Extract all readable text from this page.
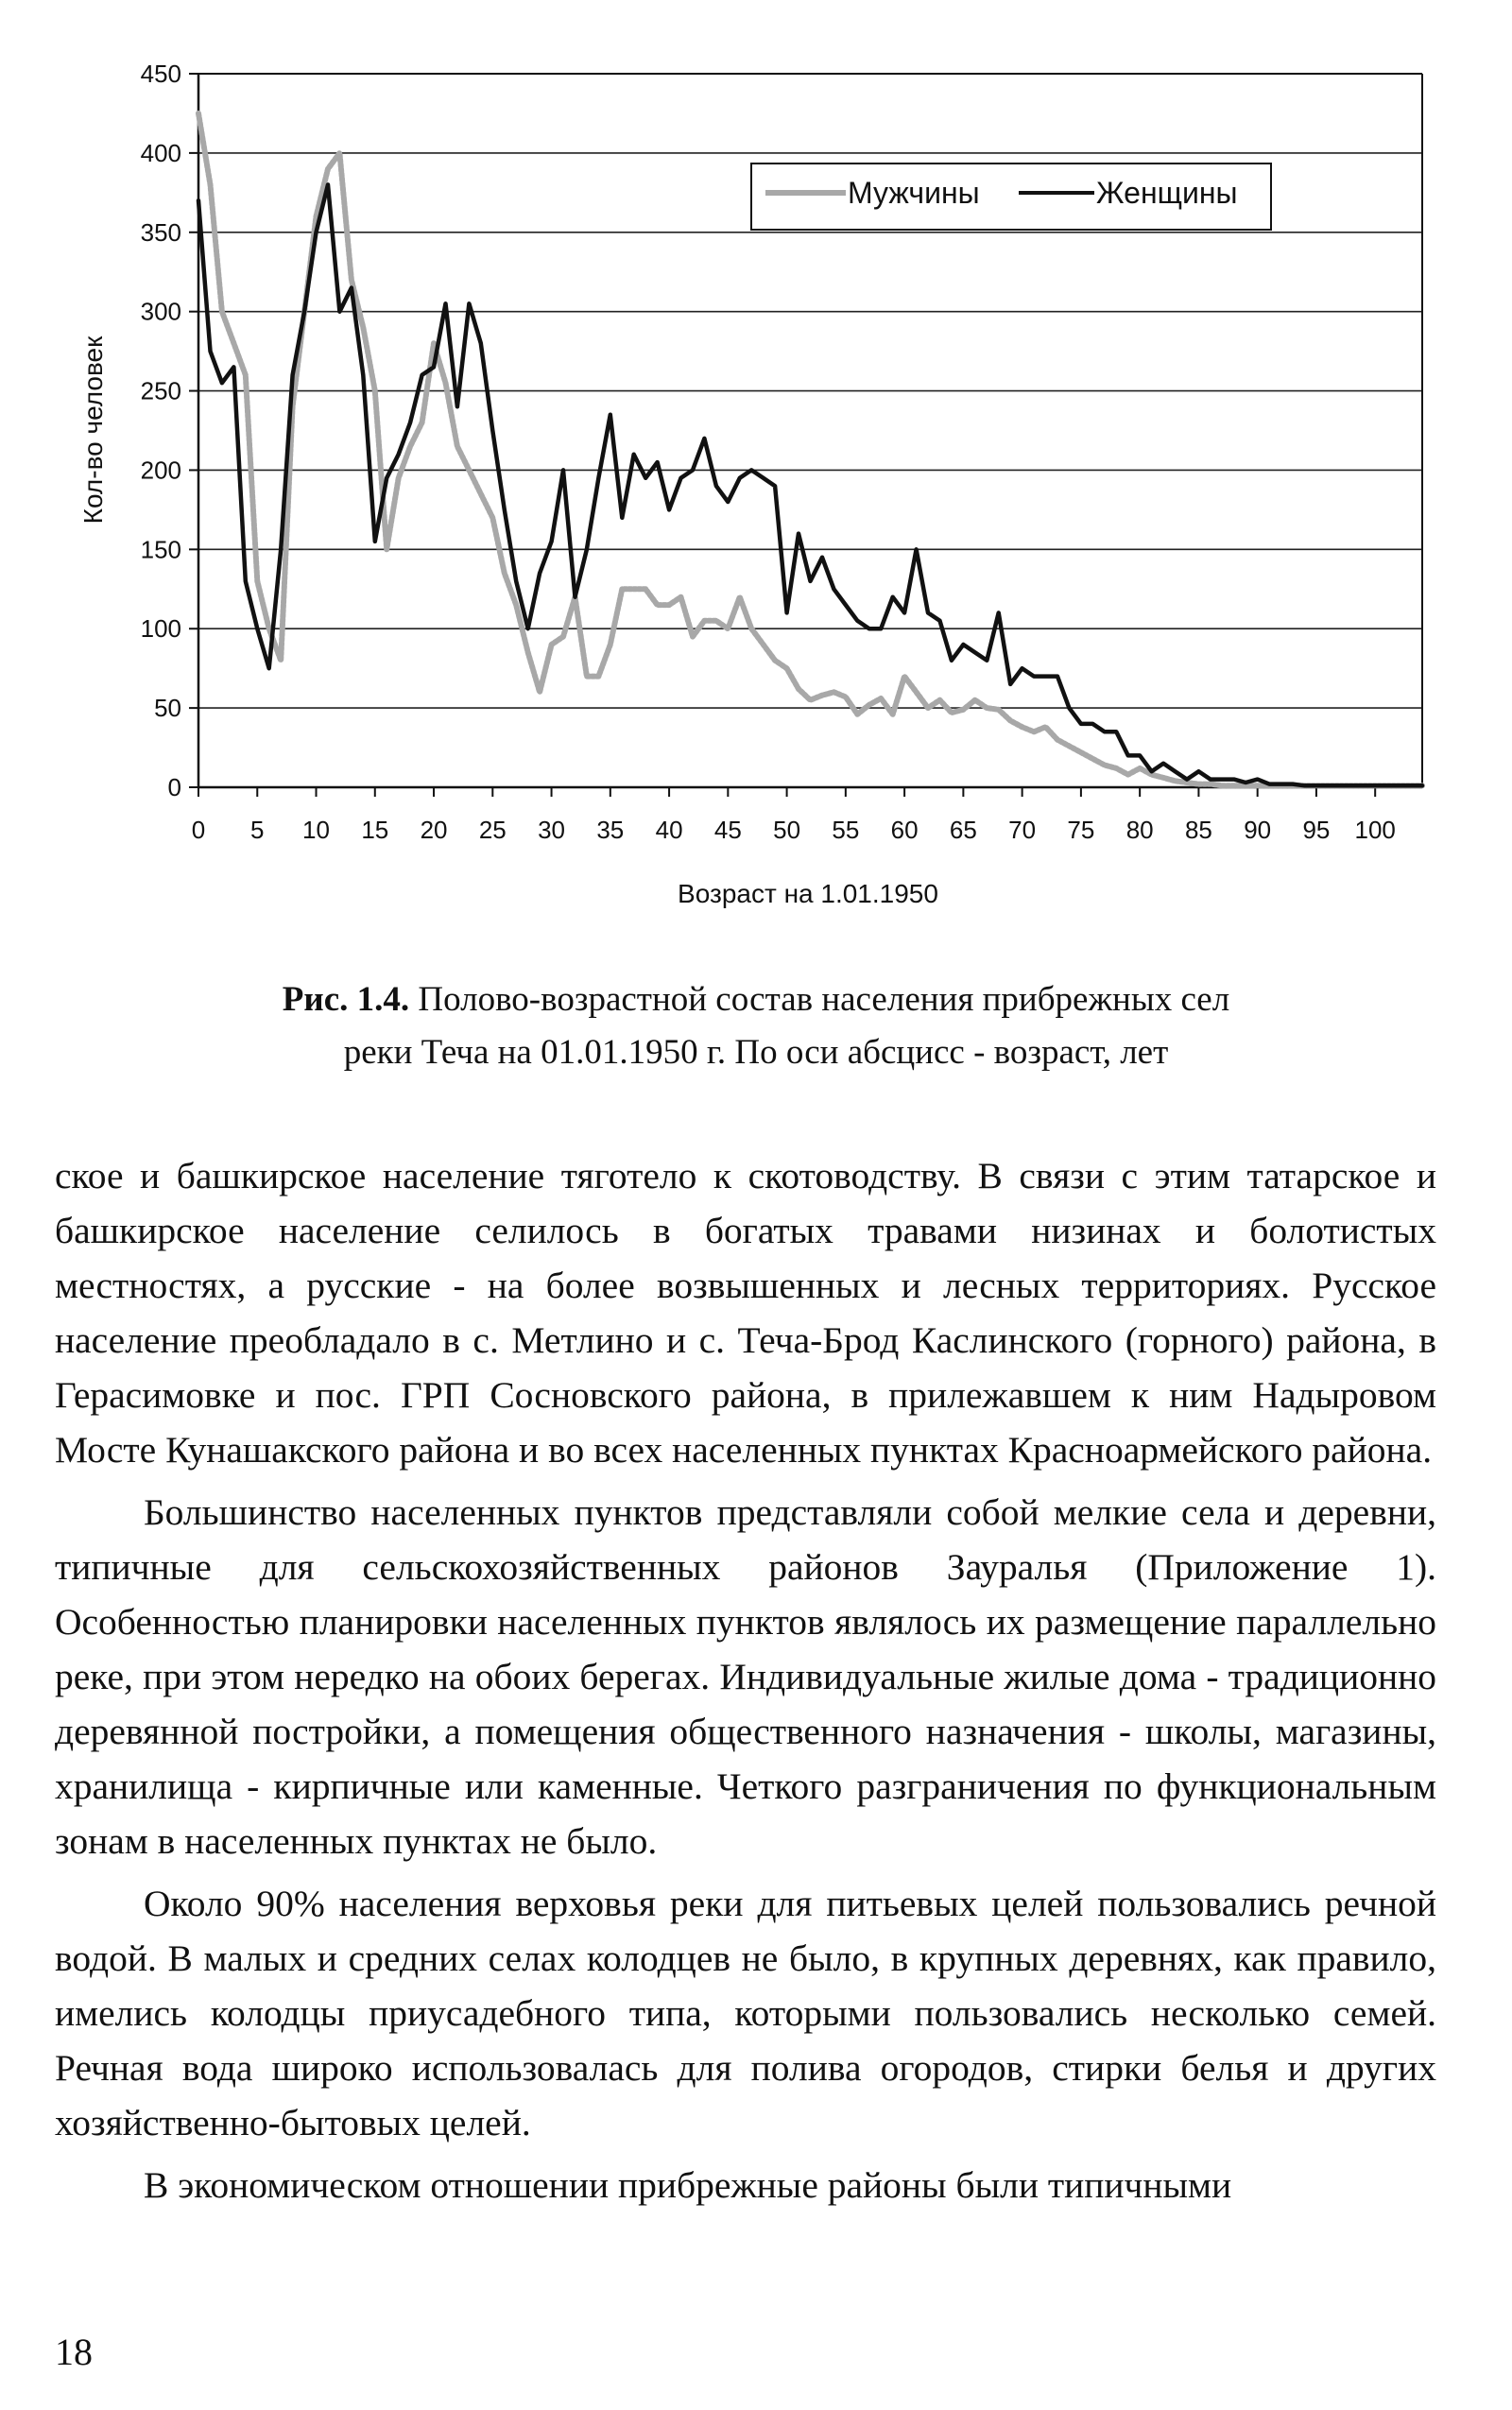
0
50
100
150
200
250
300
350
400
450
0 5 10 15 20 25 30 35 40 45 50 55 60 65 70 75 80 85 90 95 100
Кол-во человек
Возраст на 1.01.1950
Мужчины	Женщины
Рис. 1.4. Полово-возрастной состав населения прибрежных сел
реки Теча на 01.01.1950 г. По оси абсцисс - возраст, лет

ское и башкирское население тяготело к скотоводству. В связи с этим татарское и башкирское население селилось в богатых травами низинах и болотистых местностях, а русские - на более возвышенных и лесных территориях. Русское население преобладало в с. Метлино и с. Теча-Брод Каслинского (горного) района, в Герасимовке и пос. ГРП Сосновского района, в прилежавшем к ним Надыровом Мосте Кунашакского района и во всех населенных пунктах Красноармейского района.

Большинство населенных пунктов представляли собой мелкие села и деревни, типичные для сельскохозяйственных районов Зауралья (Приложение 1). Особенностью планировки населенных пунктов являлось их размещение параллельно реке, при этом нередко на обоих берегах. Индивидуальные жилые дома - традиционно деревянной постройки, а помещения общественного назначения - школы, магазины, хранилища - кирпичные или каменные. Четкого разграничения по функциональным зонам в населенных пунктах не было.

Около 90% населения верховья реки для питьевых целей пользовались речной водой. В малых и средних селах колодцев не было, в крупных деревнях, как правило, имелись колодцы приусадебного типа, которыми пользовались несколько семей. Речная вода широко использовалась для полива огородов, стирки белья и других хозяйственно-бытовых целей.

В экономическом отношении прибрежные районы были типичными

18
